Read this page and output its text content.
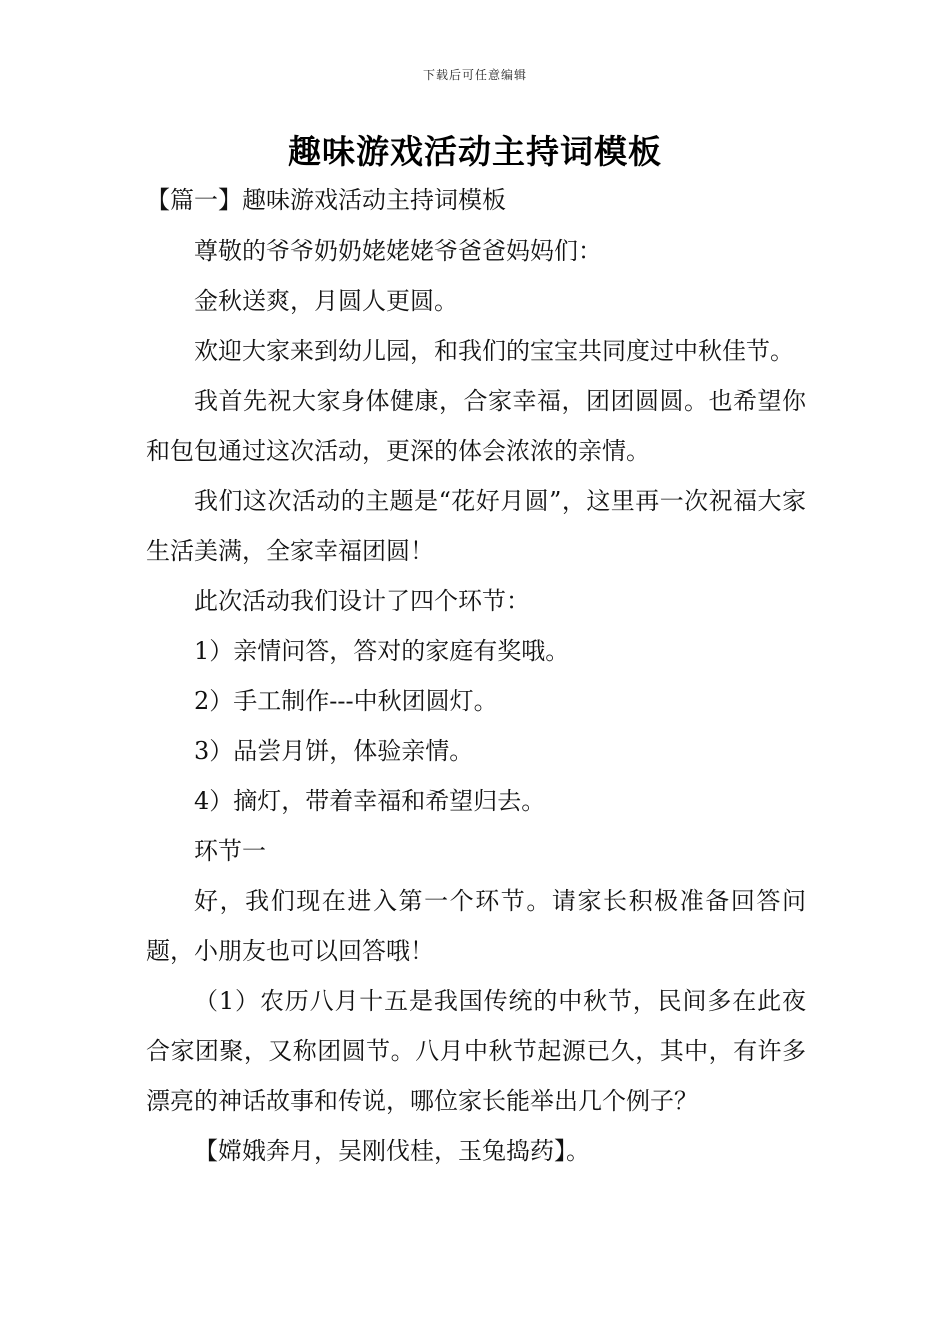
下载后可任意编辑
趣味游戏活动主持词模板
【篇一】趣味游戏活动主持词模板

尊敬的爷爷奶奶姥姥姥爷爸爸妈妈们：

金秋送爽，月圆人更圆。

欢迎大家来到幼儿园，和我们的宝宝共同度过中秋佳节。

我首先祝大家身体健康，合家幸福，团团圆圆。也希望你和包包通过这次活动，更深的体会浓浓的亲情。

我们这次活动的主题是“花好月圆”，这里再一次祝福大家生活美满，全家幸福团圆！

此次活动我们设计了四个环节：

1）亲情问答，答对的家庭有奖哦。

2）手工制作---中秋团圆灯。

3）品尝月饼，体验亲情。

4）摘灯，带着幸福和希望归去。

环节一

好，我们现在进入第一个环节。请家长积极准备回答问题，小朋友也可以回答哦！

（1）农历八月十五是我国传统的中秋节，民间多在此夜合家团聚，又称团圆节。八月中秋节起源已久，其中，有许多漂亮的神话故事和传说，哪位家长能举出几个例子？

【嫦娥奔月，吴刚伐桂，玉兔捣药】。
